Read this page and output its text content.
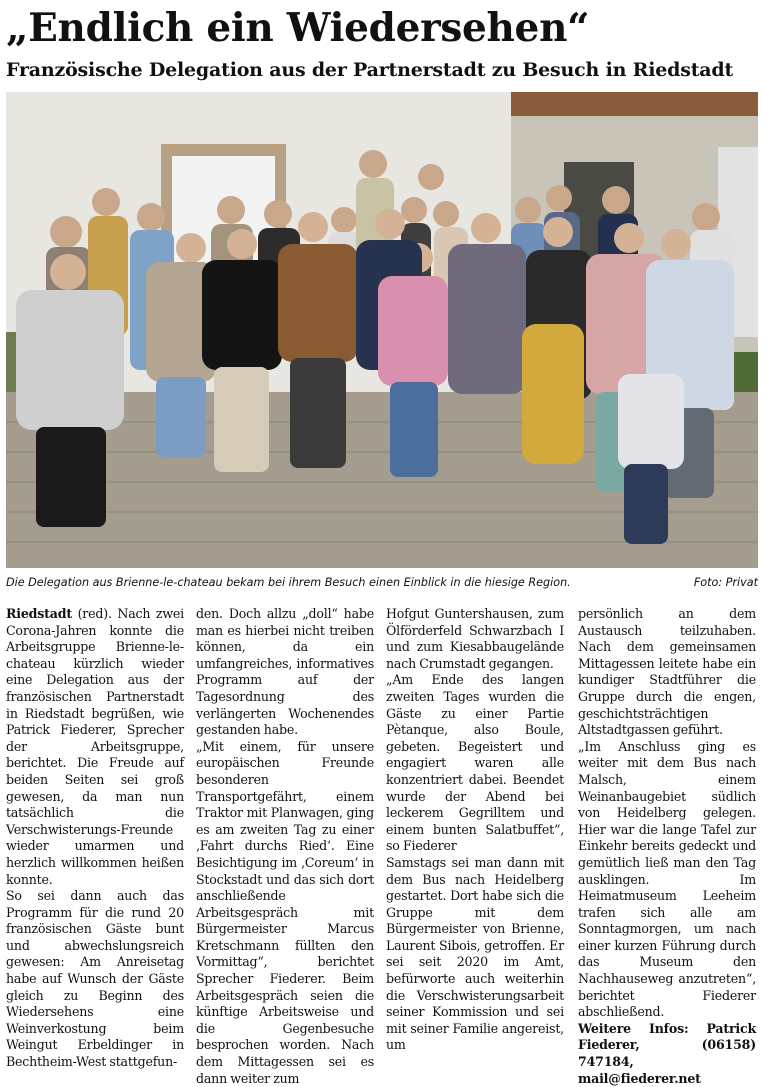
„Endlich ein Wiedersehen“
Französische Delegation aus der Partnerstadt zu Besuch in Riedstadt
Die Delegation aus Brienne-le-chateau bekam bei ihrem Besuch einen Einblick in die hiesige Region.	Foto: Privat

Riedstadt (red). Nach zwei Corona-Jahren konnte die Arbeitsgruppe Brienne-le-chateau kürzlich wieder eine Delegation aus der französischen Partnerstadt in Riedstadt begrüßen, wie Patrick Fiederer, Sprecher der Arbeitsgruppe, berichtet. Die Freude auf beiden Seiten sei groß gewesen, da man nun tatsächlich die Verschwisterungs-Freunde wieder umarmen und herzlich willkommen heißen konnte.

So sei dann auch das Programm für die rund 20 französischen Gäste bunt und abwechslungsreich gewesen: Am Anreisetag habe auf Wunsch der Gäste gleich zu Beginn des Wiedersehens eine Weinverkostung beim Weingut Erbeldinger in Bechtheim-West stattgefun-

den. Doch allzu „doll“ habe man es hierbei nicht treiben können, da ein umfangreiches, informatives Programm auf der Tagesordnung des verlängerten Wochenendes gestanden habe.

„Mit einem, für unsere europäischen Freunde besonderen Transportgefährt, einem Traktor mit Planwagen, ging es am zweiten Tag zu einer ‚Fahrt durchs Ried‘. Eine Besichtigung im ‚Coreum‘ in Stockstadt und das sich dort anschließende Arbeitsgespräch mit Bürgermeister Marcus Kretschmann füllten den Vormittag“, berichtet Sprecher Fiederer. Beim Arbeitsgespräch seien die künftige Arbeitsweise und die Gegenbesuche besprochen worden. Nach dem Mittagessen sei es dann weiter zum

Hofgut Guntershausen, zum Ölförderfeld Schwarzbach I und zum Kiesabbaugelände nach Crumstadt gegangen.

„Am Ende des langen zweiten Tages wurden die Gäste zu einer Partie Pètanque, also Boule, gebeten. Begeistert und engagiert waren alle konzentriert dabei. Beendet wurde der Abend bei leckerem Gegrilltem und einem bunten Salatbuffet“, so Fiederer

Samstags sei man dann mit dem Bus nach Heidelberg gestartet. Dort habe sich die Gruppe mit dem Bürgermeister von Brienne, Laurent Sibois, getroffen. Er sei seit 2020 im Amt, befürworte auch weiterhin die Verschwisterungsarbeit seiner Kommission und sei mit seiner Familie angereist, um

persönlich an dem Austausch teilzuhaben. Nach dem gemeinsamen Mittagessen leitete habe ein kundiger Stadtführer die Gruppe durch die engen, geschichtsträchtigen Altstadtgassen geführt.

„Im Anschluss ging es weiter mit dem Bus nach Malsch, einem Weinanbaugebiet südlich von Heidelberg gelegen. Hier war die lange Tafel zur Einkehr bereits gedeckt und gemütlich ließ man den Tag ausklingen. Im Heimatmuseum Leeheim trafen sich alle am Sonntagmorgen, um nach einer kurzen Führung durch das Museum den Nachhauseweg anzutreten“, berichtet Fiederer abschließend.

Weitere Infos: Patrick Fiederer, (06158) 747184, mail@fiederer.net
